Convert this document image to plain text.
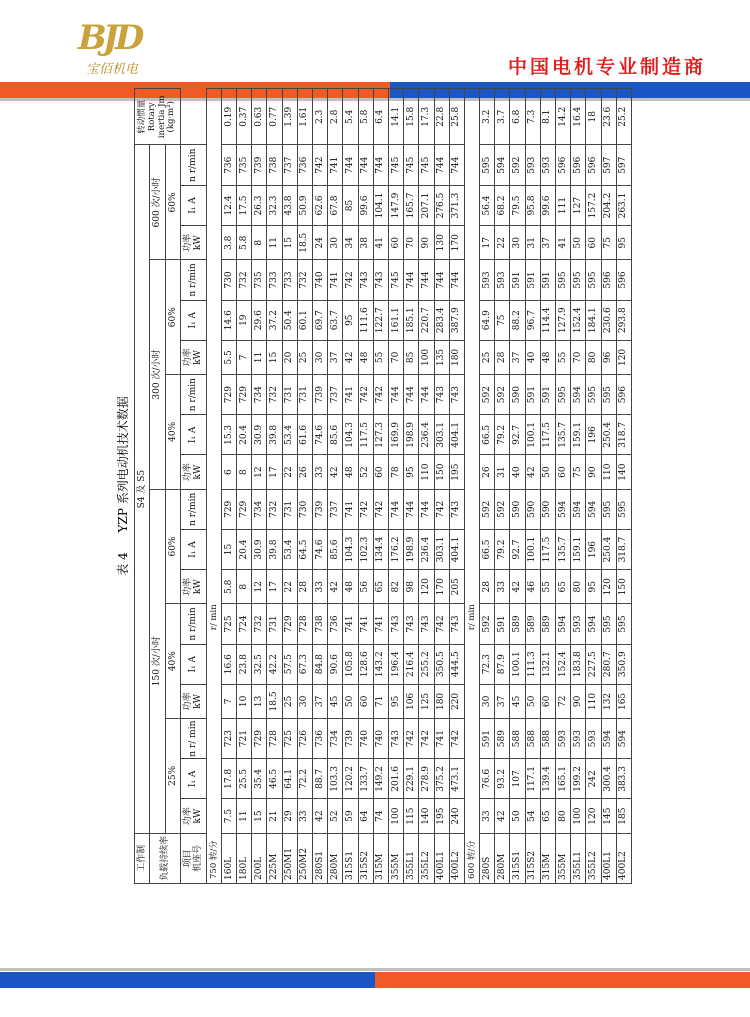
BJD
宝佰机电	中国电机专业制造商
表 4 YZP 系列电动机技术数据
工作制	S4 及 S5																		转动惯量 Rotary inertia Jm (kg·m²)
负载持续率	150 次/小时									300 次/小时						600 次/小时			
	25%			40%			60%			40%			60%			60%			
项目
机座号	功率 kW	I₁ A	n r/ min	功率 kW	I₁ A	n r/min	功率 kW	I₁ A	n r/min	功率 kW	I₁ A	n r/min	功率 kW	I₁ A	n r/min	功率 kW	I₁ A	n r/min	
750 转/分r/ min																			
160L	7.5	17.8	723	7	16.6	725	5.8	15	729	6	15.3	729	5.5	14.6	730	3.8	12.4	736	0.19
180L	11	25.5	721	10	23.8	724	8	20.4	729	8	20.4	729	7	19	732	5.8	17.5	735	0.37
200L	15	35.4	729	13	32.5	732	12	30.9	734	12	30.9	734	11	29.6	735	8	26.3	739	0.63
225M	21	46.5	728	18.5	42.2	731	17	39.8	732	17	39.8	732	15	37.2	733	11	32.3	738	0.77
250M1	29	64.1	725	25	57.5	729	22	53.4	731	22	53.4	731	20	50.4	733	15	43.8	737	1.39
250M2	33	72.2	726	30	67.3	728	28	64.5	730	26	61.6	731	25	60.1	732	18.5	50.9	736	1.61
280S1	42	88.7	736	37	84.8	738	33	74.6	739	33	74.6	739	30	69.7	740	24	62.6	742	2.3
280M	52	103.3	734	45	90.6	736	42	85.6	737	42	85.6	737	37	63.7	741	30	67.8	741	2.8
315S1	59	120.2	739	50	105.8	741	48	104.3	741	48	104.3	741	42	95	742	34	85	744	5.4
315S2	64	133.7	740	60	128.6	741	56	102.3	742	52	117.5	742	48	111.6	743	38	99.6	744	5.8
315M	74	149.2	740	71	143.2	741	65	134.4	742	60	127.3	742	55	122.7	743	41	104.1	744	6.4
355M	100	201.6	743	95	196.4	743	82	176.2	744	78	169.9	744	70	161.1	745	60	147.9	745	14.1
355L1	115	229.1	742	106	216.4	743	98	198.9	744	95	198.9	744	85	185.1	744	70	165.7	745	15.8
355L2	140	278.9	742	125	255.2	743	120	236.4	744	110	236.4	744	100	220.7	744	90	207.1	745	17.3
400L1	195	375.2	741	180	350.5	742	170	303.1	742	150	303.1	743	135	283.4	744	130	276.5	744	22.8
400L2	240	473.1	742	220	444.5	743	205	404.1	743	195	404.1	743	180	387.9	744	170	371.3	744	25.8
600 转/分r/ min																			
280S	33	76.6	591	30	72.3	592	28	66.5	592	26	66.5	592	25	64.9	593	17	56.4	595	3.2
280M	42	93.2	589	37	87.9	591	33	79.2	592	31	79.2	592	28	75	593	22	68.2	594	3.7
315S1	50	107	588	45	100.1	589	42	92.7	590	40	92.7	590	37	88.2	591	30	79.5	592	6.8
315S2	54	117.1	588	50	111.3	589	46	100.1	590	42	100.1	591	40	96.7	591	31	95.8	593	7.3
315M	65	139.4	588	60	132.1	589	55	117.5	590	50	117.5	591	48	114.4	591	37	99.6	593	8.1
355M	80	165.1	593	72	152.4	594	65	135.7	594	60	135.7	595	55	127.9	595	41	111	596	14.2
355L1	100	199.2	593	90	183.8	593	80	159.1	594	75	159.1	594	70	152.4	595	50	127	596	16.4
355L2	120	242	593	110	227.5	594	95	196	594	90	196	595	80	184.1	595	60	157.2	596	18
400L1	145	300.4	594	132	280.7	595	120	250.4	595	110	250.4	595	96	230.6	596	75	204.2	597	23.6
400L2	185	383.3	594	165	350.9	595	150	318.7	595	140	318.7	596	120	293.8	596	95	263.1	597	25.2
